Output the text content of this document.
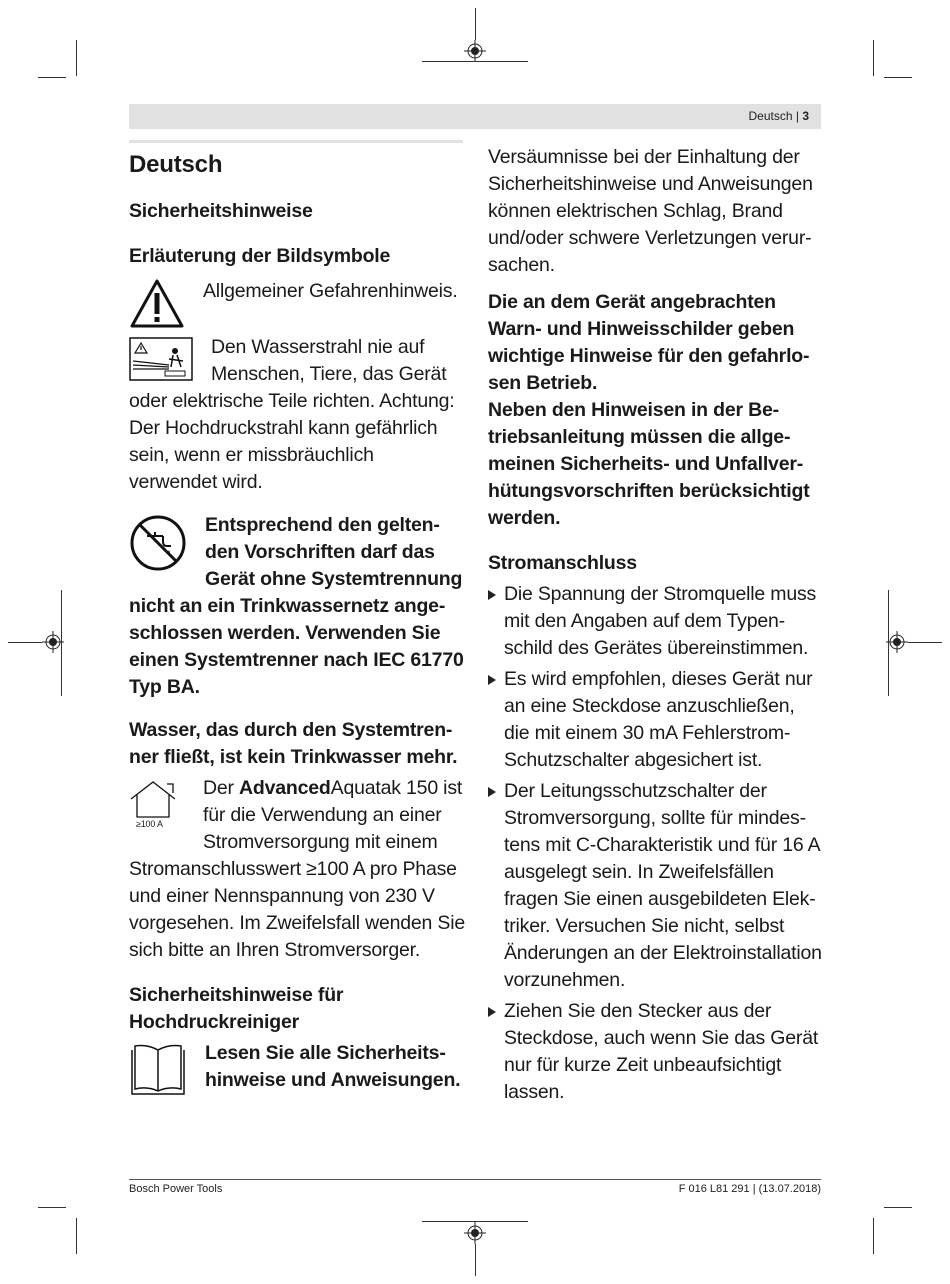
Deutsch | 3
Deutsch
Sicherheitshinweise
Erläuterung der Bildsymbole

Allgemeiner Gefahrenhinweis.

Den Wasserstrahl nie auf Menschen, Tiere, das Gerät oder elektrische Teile richten. Achtung: Der Hochdruckstrahl kann gefährlich sein, wenn er missbräuchlich verwendet wird.

Entsprechend den geltenden Vorschriften darf das Gerät ohne Systemtrennung nicht an ein Trinkwassernetz angeschlossen werden. Verwenden Sie einen Systemtrenner nach IEC 61770 Typ BA.

Wasser, das durch den Systemtrenner fließt, ist kein Trinkwasser mehr.

≥100 A

Der AdvancedAquatak 150 ist für die Verwendung an einer Stromversorgung mit einem Stromanschlusswert ≥100 A pro Phase und einer Nennspannung von 230 V vorgesehen. Im Zweifelsfall wenden Sie sich bitte an Ihren Stromversorger.

Sicherheitshinweise für Hochdruckreiniger

Lesen Sie alle Sicherheitshinweise und Anweisungen.

Versäumnisse bei der Einhaltung der Sicherheitshinweise und Anweisungen können elektrischen Schlag, Brand und/oder schwere Verletzungen verursachen.

Die an dem Gerät angebrachten Warn- und Hinweisschilder geben wichtige Hinweise für den gefahrlosen Betrieb.

Neben den Hinweisen in der Betriebsanleitung müssen die allgemeinen Sicherheits- und Unfallverhütungsvorschriften berücksichtigt werden.

Stromanschluss
Die Spannung der Stromquelle muss mit den Angaben auf dem Typenschild des Gerätes übereinstimmen.
Es wird empfohlen, dieses Gerät nur an eine Steckdose anzuschließen, die mit einem 30 mA Fehlerstrom-Schutzschalter abgesichert ist.
Der Leitungsschutzschalter der Stromversorgung, sollte für mindestens mit C-Charakteristik und für 16 A ausgelegt sein. In Zweifelsfällen fragen Sie einen ausgebildeten Elektriker. Versuchen Sie nicht, selbst Änderungen an der Elektroinstallation vorzunehmen.
Ziehen Sie den Stecker aus der Steckdose, auch wenn Sie das Gerät nur für kurze Zeit unbeaufsichtigt lassen.
Bosch Power Tools	F 016 L81 291 | (13.07.2018)
